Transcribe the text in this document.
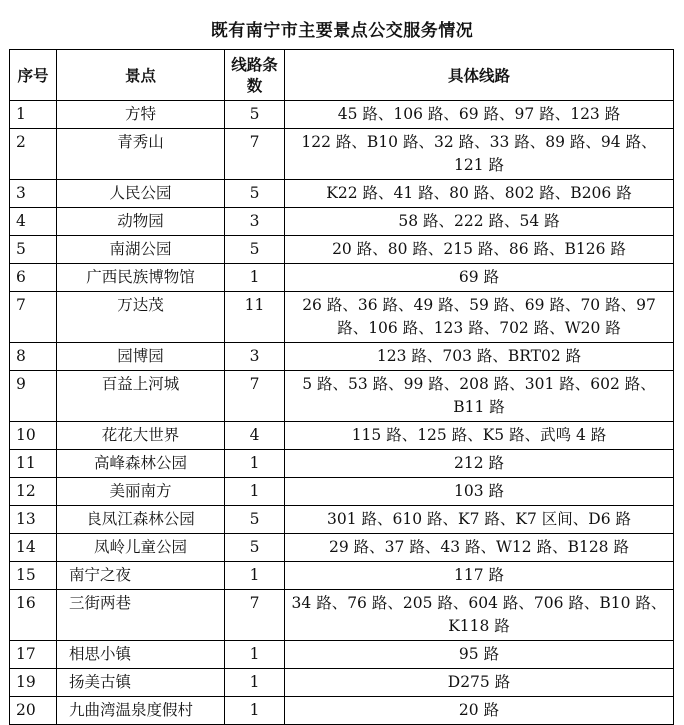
既有南宁市主要景点公交服务情况
序号	景点	线路条数	具体线路
1	方特	5	45 路、106 路、69 路、97 路、123 路
2	青秀山	7	122 路、B10 路、32 路、33 路、89 路、94 路、121 路
3	人民公园	5	K22 路、41 路、80 路、802 路、B206 路
4	动物园	3	58 路、222 路、54 路
5	南湖公园	5	20 路、80 路、215 路、86 路、B126 路
6	广西民族博物馆	1	69 路
7	万达茂	11	26 路、36 路、49 路、59 路、69 路、70 路、97 路、106 路、123 路、702 路、W20 路
8	园博园	3	123 路、703 路、BRT02 路
9	百益上河城	7	5 路、53 路、99 路、208 路、301 路、602 路、B11 路
10	花花大世界	4	115 路、125 路、K5 路、武鸣 4 路
11	高峰森林公园	1	212 路
12	美丽南方	1	103 路
13	良凤江森林公园	5	301 路、610 路、K7 路、K7 区间、D6 路
14	凤岭儿童公园	5	29 路、37 路、43 路、W12 路、B128 路
15	南宁之夜	1	117 路
16	三街两巷	7	34 路、76 路、205 路、604 路、706 路、B10 路、K118 路
17	相思小镇	1	95 路
19	扬美古镇	1	D275 路
20	九曲湾温泉度假村	1	20 路
